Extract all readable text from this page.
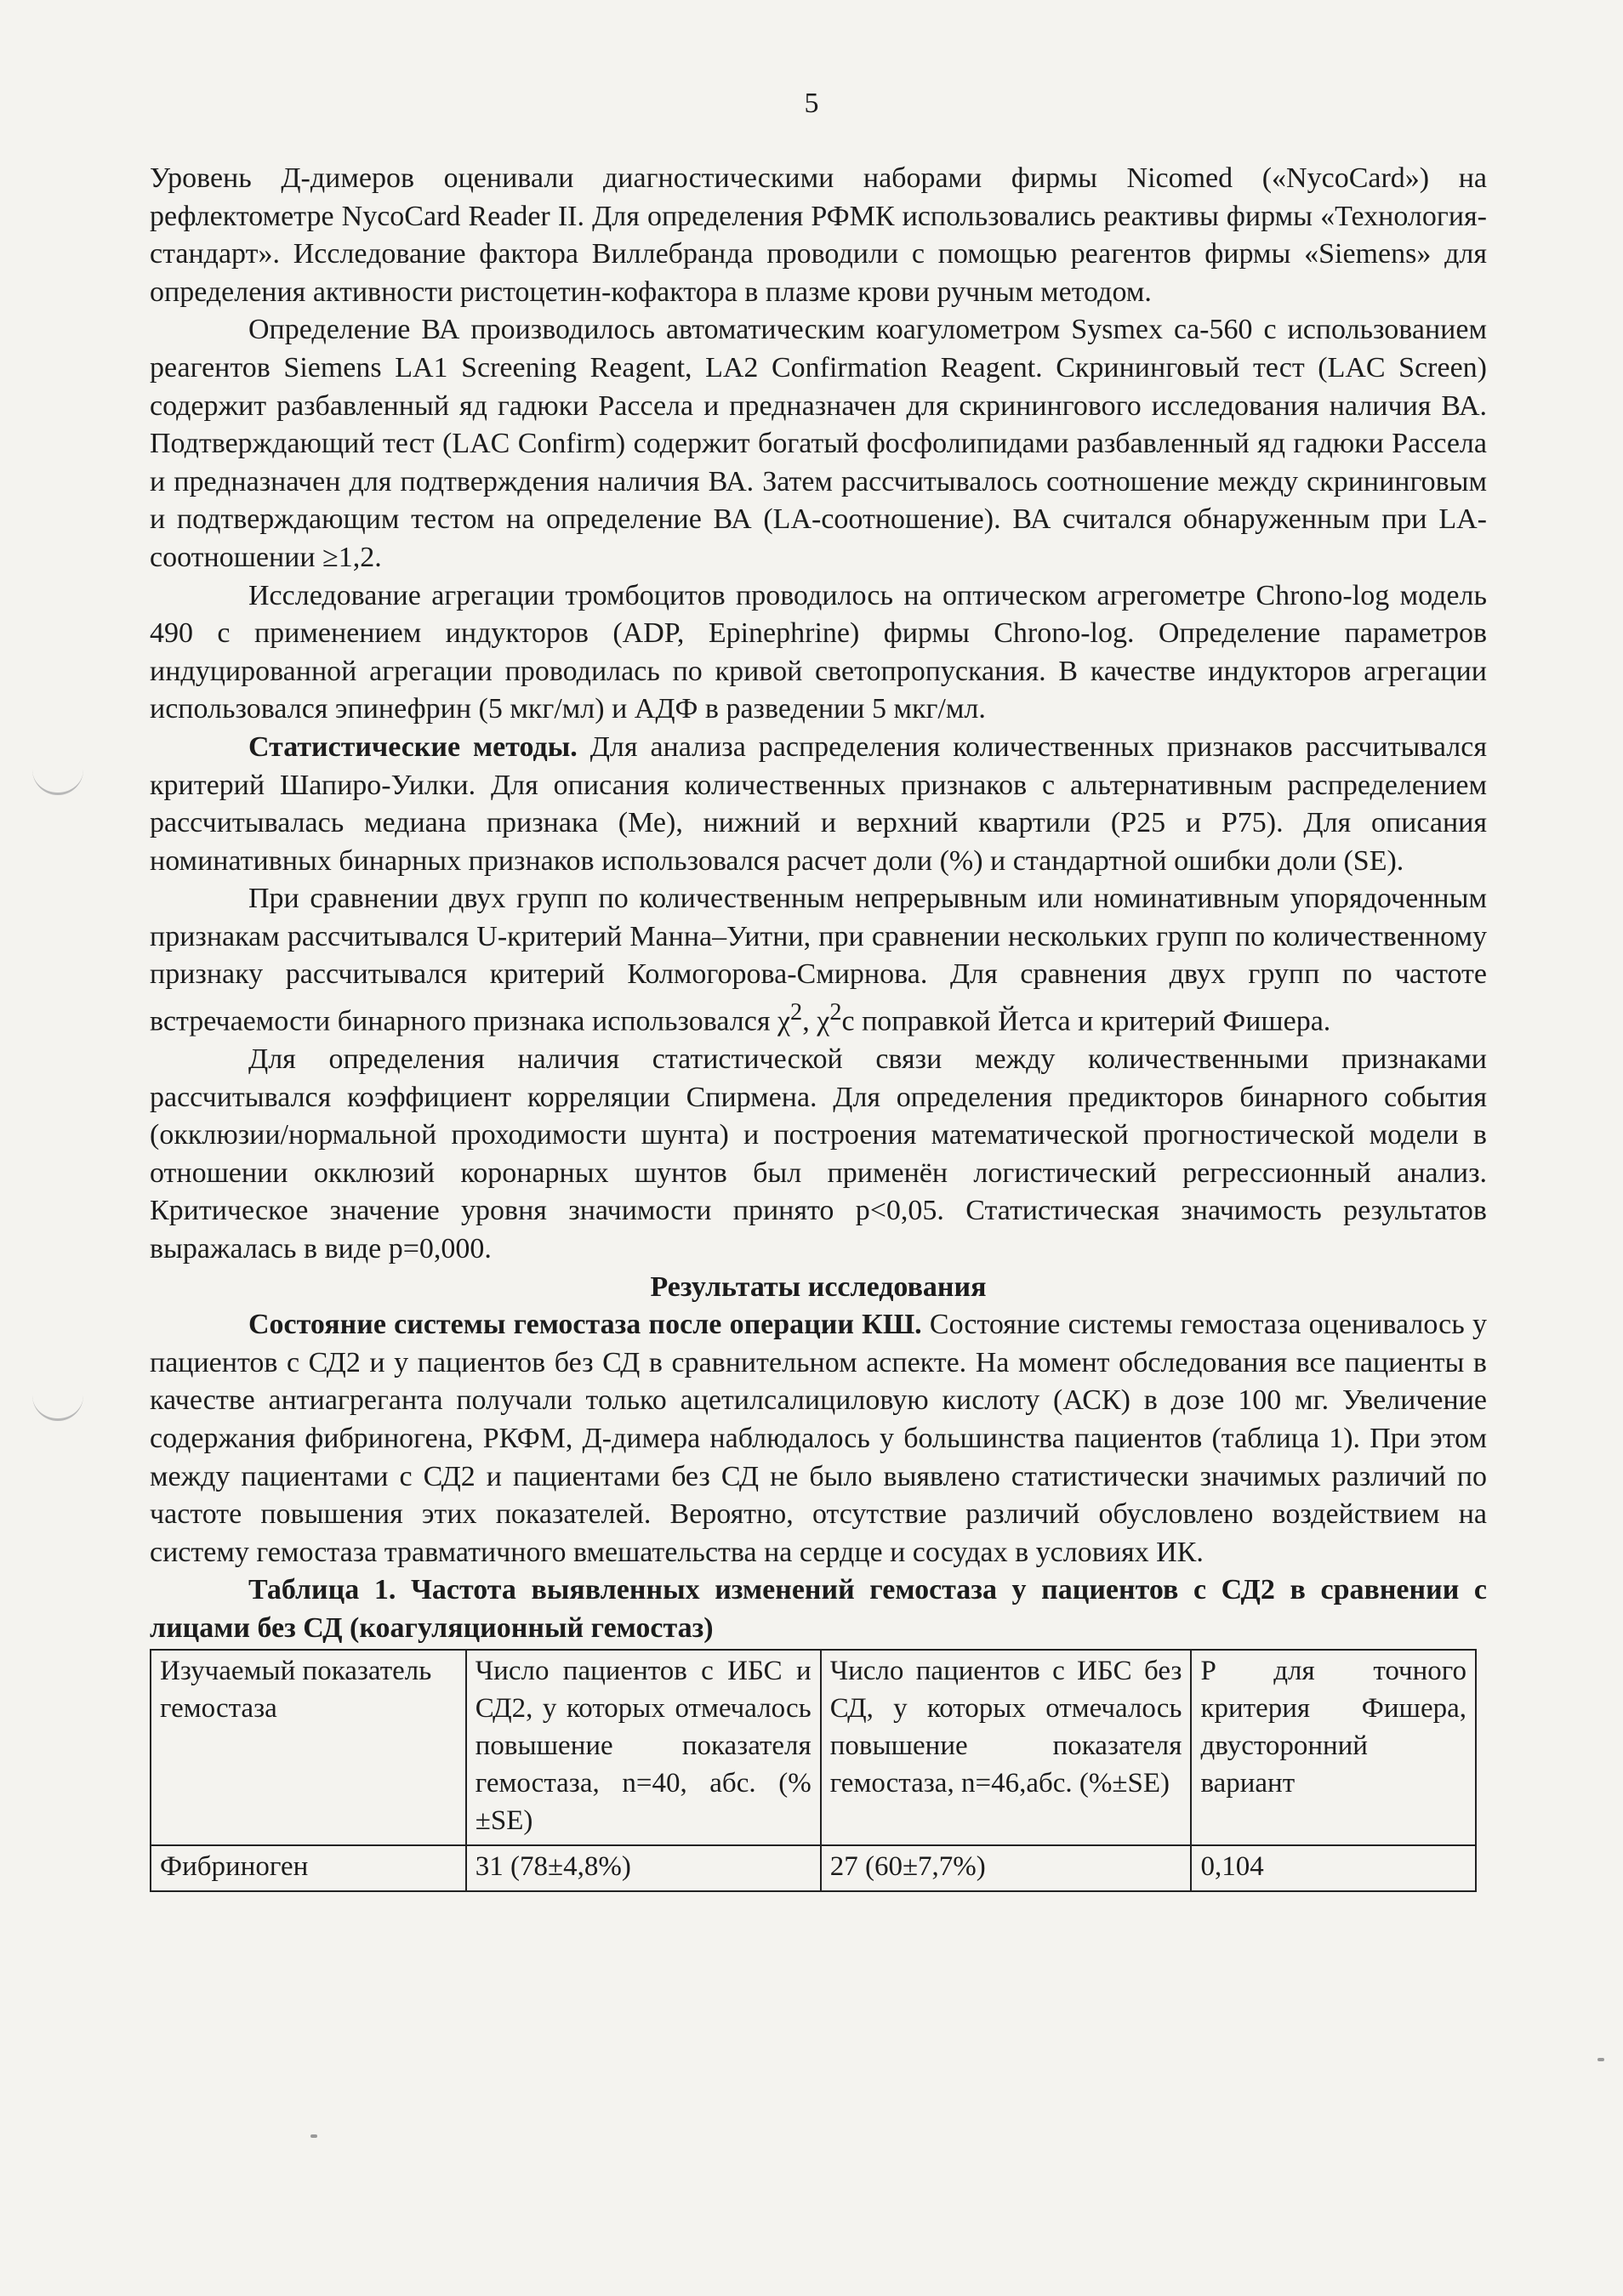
5

Уровень Д-димеров оценивали диагностическими наборами фирмы Nicomed («NycoCard») на рефлектометре NycoCard Reader II. Для определения РФМК использовались реактивы фирмы «Технология-стандарт». Исследование фактора Виллебранда проводили с помощью реагентов фирмы «Siemens» для определения активности ристоцетин-кофактора в плазме крови ручным методом.

Определение ВА производилось автоматическим коагулометром Sysmex ca-560 с использованием реагентов Siemens LA1 Screening Reagent, LA2 Confirmation Reagent. Скрининговый тест (LAC Screen) содержит разбавленный яд гадюки Рассела и предназначен для скринингового исследования наличия ВА. Подтверждающий тест (LAC Confirm) содержит богатый фосфолипидами разбавленный яд гадюки Рассела и предназначен для подтверждения наличия ВА. Затем рассчитывалось соотношение между скрининговым и подтверждающим тестом на определение ВА (LA-соотношение). ВА считался обнаруженным при LA-соотношении ≥1,2.

Исследование агрегации тромбоцитов проводилось на оптическом агрегометре Chrono-log модель 490 с применением индукторов (ADP, Epinephrine) фирмы Chrono-log. Определение параметров индуцированной агрегации проводилась по кривой светопропускания. В качестве индукторов агрегации использовался эпинефрин (5 мкг/мл) и АДФ в разведении 5 мкг/мл.

Статистические методы. Для анализа распределения количественных признаков рассчитывался критерий Шапиро-Уилки. Для описания количественных признаков с альтернативным распределением рассчитывалась медиана признака (Ме), нижний и верхний квартили (Р25 и Р75). Для описания номинативных бинарных признаков использовался расчет доли (%) и стандартной ошибки доли (SE).

При сравнении двух групп по количественным непрерывным или номинативным упорядоченным признакам рассчитывался U-критерий Манна–Уитни, при сравнении нескольких групп по количественному признаку рассчитывался критерий Колмогорова-Смирнова. Для сравнения двух групп по частоте встречаемости бинарного признака использовался $\chi^2$, $\chi^2с$ поправкой Йетса и критерий Фишера.

Для определения наличия статистической связи между количественными признаками рассчитывался коэффициент корреляции Спирмена. Для определения предикторов бинарного события (окклюзии/нормальной проходимости шунта) и построения математической прогностической модели в отношении окклюзий коронарных шунтов был применён логистический регрессионный анализ. Критическое значение уровня значимости принято p<0,05. Статистическая значимость результатов выражалась в виде p=0,000.

Результаты исследования

Состояние системы гемостаза после операции КШ. Состояние системы гемостаза оценивалось у пациентов с СД2 и у пациентов без СД в сравнительном аспекте. На момент обследования все пациенты в качестве антиагреганта получали только ацетилсалициловую кислоту (АСК) в дозе 100 мг. Увеличение содержания фибриногена, РКФМ, Д-димера наблюдалось у большинства пациентов (таблица 1). При этом между пациентами с СД2 и пациентами без СД не было выявлено статистически значимых различий по частоте повышения этих показателей. Вероятно, отсутствие различий обусловлено воздействием на систему гемостаза травматичного вмешательства на сердце и сосудах в условиях ИК.

Таблица 1. Частота выявленных изменений гемостаза у пациентов с СД2 в сравнении с лицами без СД (коагуляционный гемостаз)

Изучаемый показатель гемостаза	Число пациентов с ИБС и СД2, у которых отмечалось повышение показателя гемостаза, n=40, абс. (%±SE)	Число пациентов с ИБС без СД, у которых отмечалось повышение показателя гемостаза, n=46,абс. (%±SE)	P для точного критерия Фишера, двусторонний вариант
Фибриноген	31 (78±4,8%)	27 (60±7,7%)	0,104
